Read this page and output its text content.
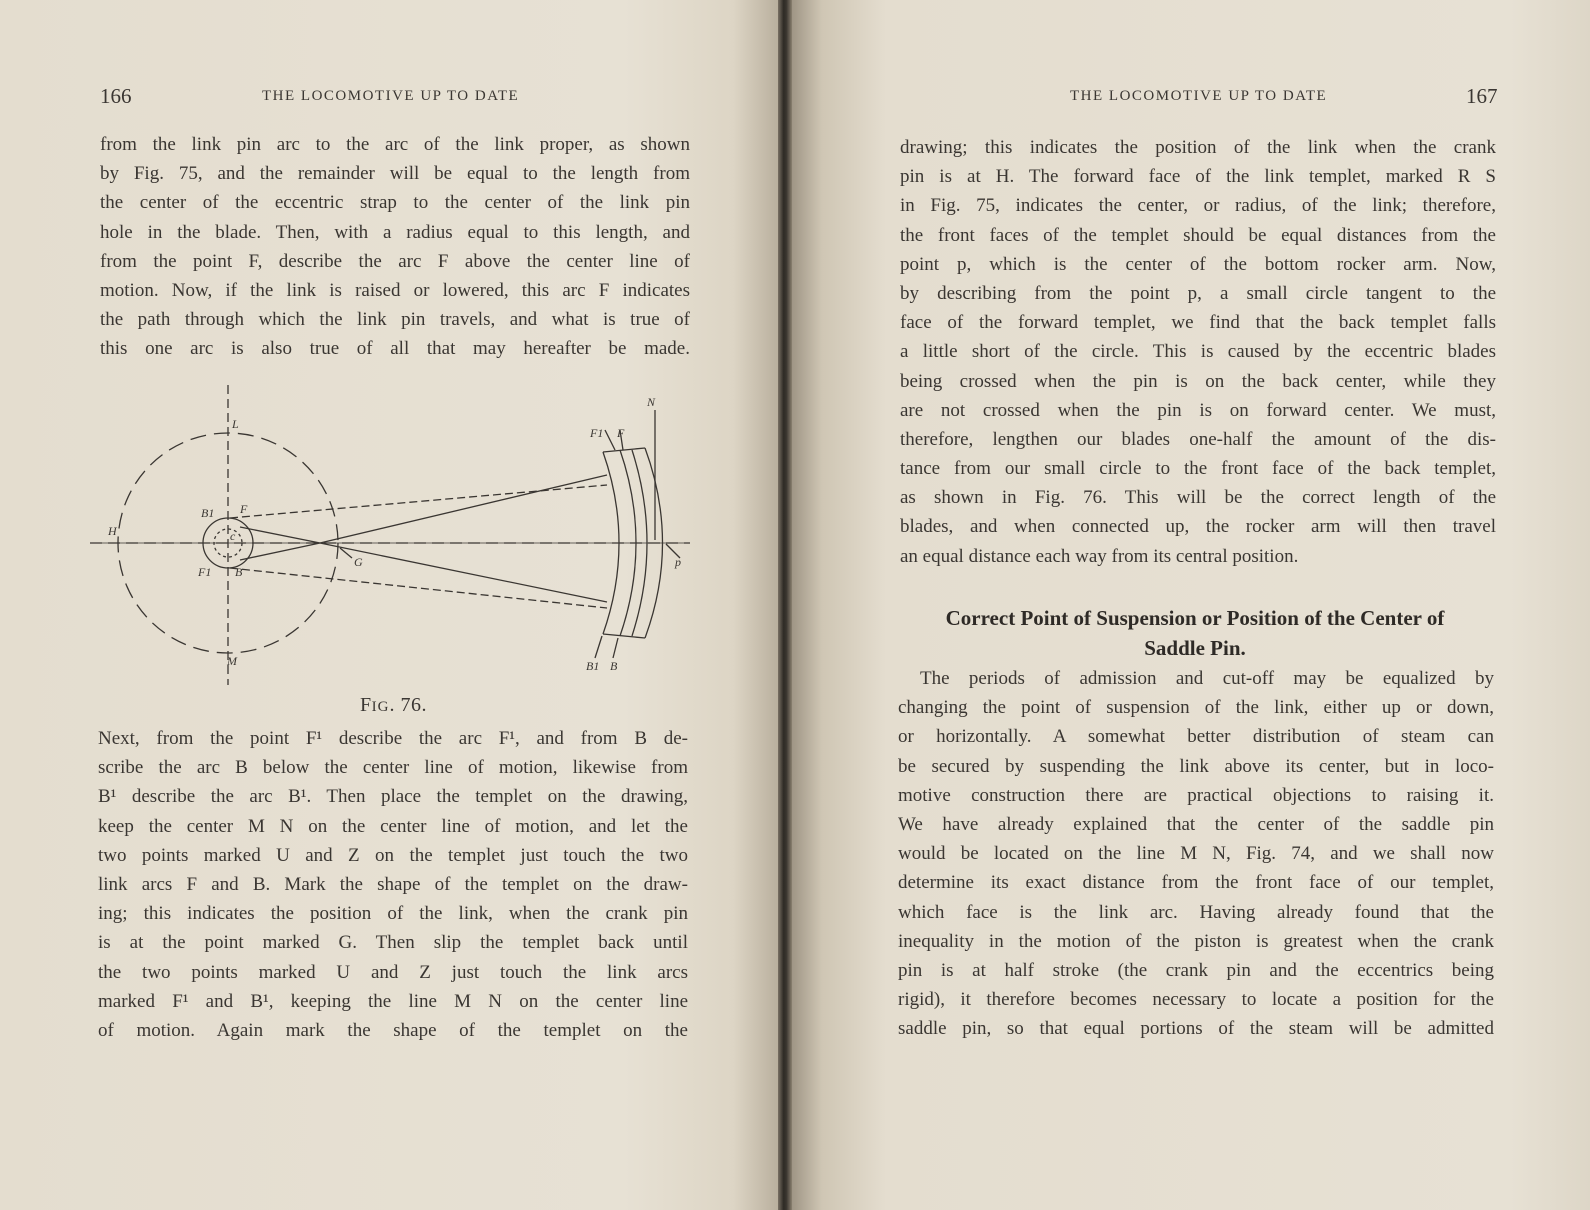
166	THE LOCOMOTIVE UP TO DATE
from the link pin arc to the arc of the link proper, as shown
by Fig. 75, and the remainder will be equal to the length from
the center of the eccentric strap to the center of the link pin
hole in the blade. Then, with a radius equal to this length, and
from the point F, describe the arc F above the center line of
motion. Now, if the link is raised or lowered, this arc F indicates
the path through which the link pin travels, and what is true of
this one arc is also true of all that may hereafter be made.
H
L
M
B1 F
c
F1 B
G
N
F1 F
p
B1 B
FIG. 76.
Next, from the point F¹ describe the arc F¹, and from B de-
scribe the arc B below the center line of motion, likewise from
B¹ describe the arc B¹. Then place the templet on the drawing,
keep the center M N on the center line of motion, and let the
two points marked U and Z on the templet just touch the two
link arcs F and B. Mark the shape of the templet on the draw-
ing; this indicates the position of the link, when the crank pin
is at the point marked G. Then slip the templet back until
the two points marked U and Z just touch the link arcs
marked F¹ and B¹, keeping the line M N on the center line
of motion. Again mark the shape of the templet on the
THE LOCOMOTIVE UP TO DATE	167
drawing; this indicates the position of the link when the crank
pin is at H. The forward face of the link templet, marked R S
in Fig. 75, indicates the center, or radius, of the link; therefore,
the front faces of the templet should be equal distances from the
point p, which is the center of the bottom rocker arm. Now,
by describing from the point p, a small circle tangent to the
face of the forward templet, we find that the back templet falls
a little short of the circle. This is caused by the eccentric blades
being crossed when the pin is on the back center, while they
are not crossed when the pin is on forward center. We must,
therefore, lengthen our blades one-half the amount of the dis-
tance from our small circle to the front face of the back templet,
as shown in Fig. 76. This will be the correct length of the
blades, and when connected up, the rocker arm will then travel
an equal distance each way from its central position.
Correct Point of Suspension or Position of the Center of
Saddle Pin.
The periods of admission and cut-off may be equalized by
changing the point of suspension of the link, either up or down,
or horizontally. A somewhat better distribution of steam can
be secured by suspending the link above its center, but in loco-
motive construction there are practical objections to raising it.
We have already explained that the center of the saddle pin
would be located on the line M N, Fig. 74, and we shall now
determine its exact distance from the front face of our templet,
which face is the link arc. Having already found that the
inequality in the motion of the piston is greatest when the crank
pin is at half stroke (the crank pin and the eccentrics being
rigid), it therefore becomes necessary to locate a position for the
saddle pin, so that equal portions of the steam will be admitted
